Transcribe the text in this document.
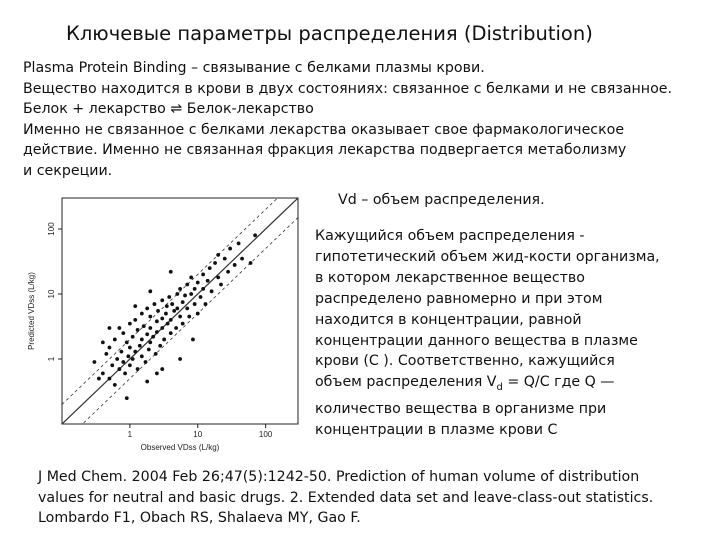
Ключевые параметры распределения (Distribution)
Plasma Protein Binding – связывание с белками плазмы крови.
Вещество находится в крови в двух состояниях: связанное с белками и не связанное.
Белок + лекарство ⇌ Белок-лекарство
Именно не связанное с белками лекарства оказывает свое фармакологическое
действие. Именно не связанная фракция лекарства подвергается метаболизму
и секреции.
Vd – объем распределения.
Кажущийся объем распределения -
гипотетический объем жид-кости организма,
в котором лекарственное вещество
распределено равномерно и при этом
находится в концентрации, равной
концентрации данного вещества в плазме
крови (С ). Соответственно, кажущийся
объем распределения $V_d = Q/C$ где Q —
количество вещества в организме при
концентрации в плазме крови С
J Med Chem. 2004 Feb 26;47(5):1242-50. Prediction of human volume of distribution
values for neutral and basic drugs. 2. Extended data set and leave-class-out statistics.
Lombardo F1, Obach RS, Shalaeva MY, Gao F.
1	10	100
1
10
100
Observed VDss (L/kg)
Predicted VDss (L/kg)
